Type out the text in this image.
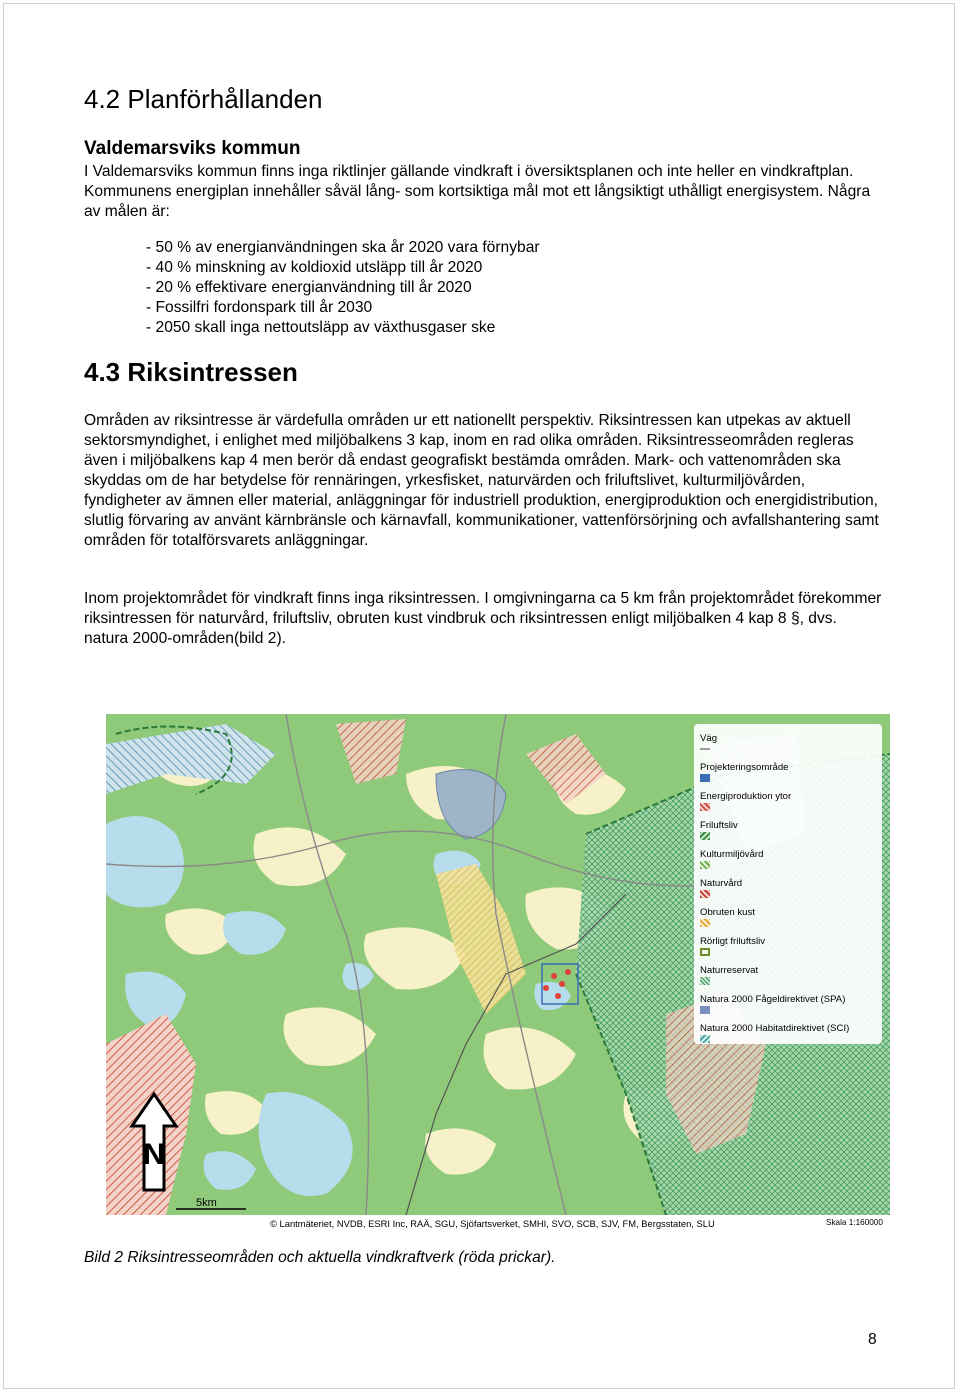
4.2 Planförhållanden
Valdemarsviks kommun

I Valdemarsviks kommun finns inga riktlinjer gällande vindkraft i översiktsplanen och inte heller en vindkraftplan. Kommunens energiplan innehåller såväl lång- som kortsiktiga mål mot ett långsiktigt uthålligt energisystem. Några av målen är:

- 50 % av energianvändningen ska år 2020 vara förnybar
- 40 % minskning av koldioxid utsläpp till år 2020
- 20 % effektivare energianvändning till år 2020
- Fossilfri fordonspark till år 2030
- 2050 skall inga nettoutsläpp av växthusgaser ske
4.3 Riksintressen

Områden av riksintresse är värdefulla områden ur ett nationellt perspektiv. Riksintressen kan utpekas av aktuell sektorsmyndighet, i enlighet med miljöbalkens 3 kap, inom en rad olika områden. Riksintresseområden regleras även i miljöbalkens kap 4 men berör då endast geografiskt bestämda områden. Mark- och vattenområden ska skyddas om de har betydelse för rennäringen, yrkesfisket, naturvärden och friluftslivet, kulturmiljövården, fyndigheter av ämnen eller material, anläggningar för industriell produktion, energiproduktion och energidistribution, slutlig förvaring av använt kärnbränsle och kärnavfall, kommunikationer, vattenförsörjning och avfallshantering samt områden för totalförsvarets anläggningar.

Inom projektområdet för vindkraft finns inga riksintressen. I omgivningarna ca 5 km från projektområdet förekommer riksintressen för naturvård, friluftsliv, obruten kust vindbruk och riksintressen enligt miljöbalken 4 kap 8 §, dvs. natura 2000-områden(bild 2).

N
5km
Väg
Projekteringsområde
Energiproduktion ytor
Friluftsliv
Kulturmiljövård
Naturvård
Obruten kust
Rörligt friluftsliv
Naturreservat
Natura 2000 Fågeldirektivet (SPA)
Natura 2000 Habitatdirektivet (SCI)
© Lantmäteriet, NVDB, ESRI Inc, RAÄ, SGU, Sjöfartsverket, SMHI, SVO, SCB, SJV, FM, Bergsstaten, SLU	Skala 1:160000

Bild 2 Riksintresseområden och aktuella vindkraftverk (röda prickar).

8
